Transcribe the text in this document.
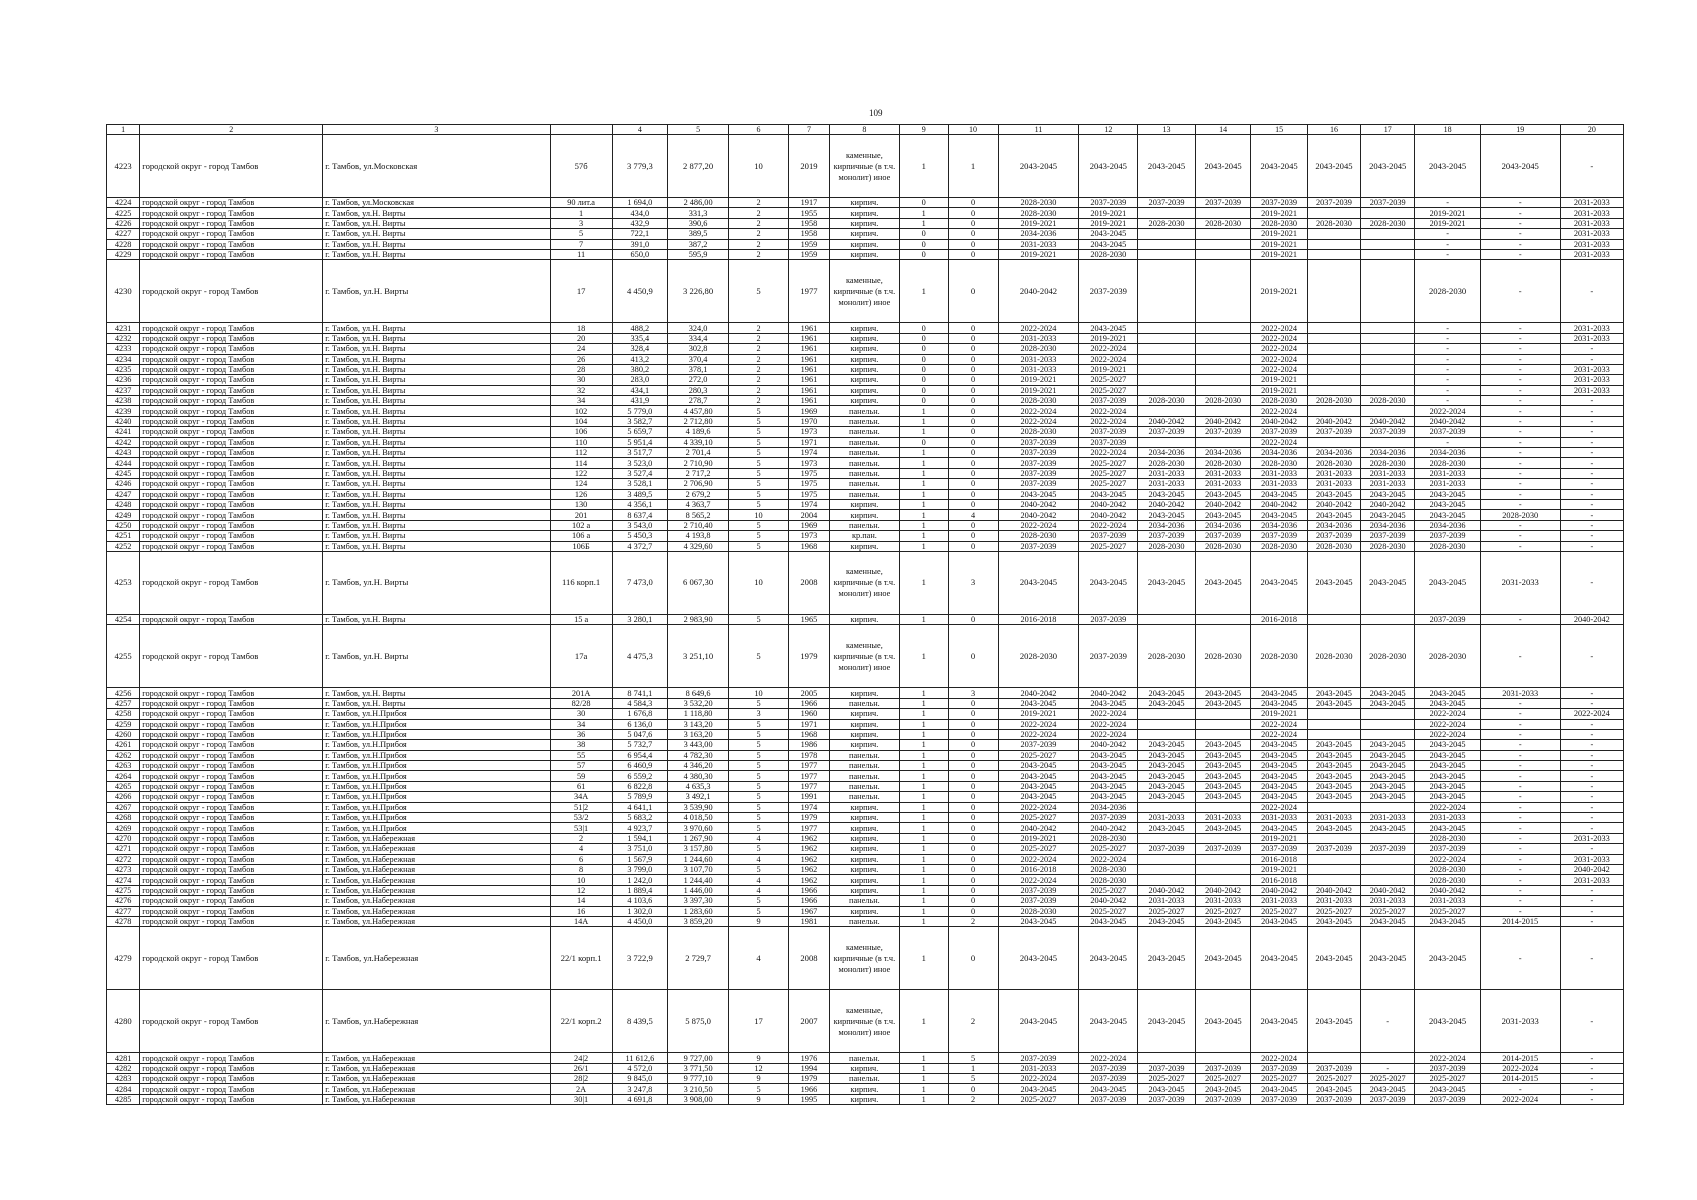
109
1	2	3		4	5	6	7	8	9	10	11	12	13	14	15	16	17	18	19	20
4223	городской округ - город Тамбов	г. Тамбов, ул.Московская	57б	3 779,3	2 877,20	10	2019	каменные, кирпичные (в т.ч. монолит) иное	1	1	2043-2045	2043-2045	2043-2045	2043-2045	2043-2045	2043-2045	2043-2045	2043-2045	2043-2045	-
4224	городской округ - город Тамбов	г. Тамбов, ул.Московская	90 лит.а	1 694,0	2 486,00	2	1917	кирпич.	0	0	2028-2030	2037-2039	2037-2039	2037-2039	2037-2039	2037-2039	2037-2039	-	-	2031-2033
4225	городской округ - город Тамбов	г. Тамбов, ул.Н. Вирты	1	434,0	331,3	2	1955	кирпич.	1	0	2028-2030	2019-2021			2019-2021			2019-2021	-	2031-2033
4226	городской округ - город Тамбов	г. Тамбов, ул.Н. Вирты	3	432,9	390,6	2	1958	кирпич.	1	0	2019-2021	2019-2021	2028-2030	2028-2030	2028-2030	2028-2030	2028-2030	2019-2021	-	2031-2033
4227	городской округ - город Тамбов	г. Тамбов, ул.Н. Вирты	5	722,1	389,5	2	1958	кирпич.	0	0	2034-2036	2043-2045			2019-2021			-	-	2031-2033
4228	городской округ - город Тамбов	г. Тамбов, ул.Н. Вирты	7	391,0	387,2	2	1959	кирпич.	0	0	2031-2033	2043-2045			2019-2021			-	-	2031-2033
4229	городской округ - город Тамбов	г. Тамбов, ул.Н. Вирты	11	650,0	595,9	2	1959	кирпич.	0	0	2019-2021	2028-2030			2019-2021			-	-	2031-2033
4230	городской округ - город Тамбов	г. Тамбов, ул.Н. Вирты	17	4 450,9	3 226,80	5	1977	каменные, кирпичные (в т.ч. монолит) иное	1	0	2040-2042	2037-2039			2019-2021			2028-2030	-	-
4231	городской округ - город Тамбов	г. Тамбов, ул.Н. Вирты	18	488,2	324,0	2	1961	кирпич.	0	0	2022-2024	2043-2045			2022-2024			-	-	2031-2033
4232	городской округ - город Тамбов	г. Тамбов, ул.Н. Вирты	20	335,4	334,4	2	1961	кирпич.	0	0	2031-2033	2019-2021			2022-2024			-	-	2031-2033
4233	городской округ - город Тамбов	г. Тамбов, ул.Н. Вирты	24	328,4	302,8	2	1961	кирпич.	0	0	2028-2030	2022-2024			2022-2024			-	-	-
4234	городской округ - город Тамбов	г. Тамбов, ул.Н. Вирты	26	413,2	370,4	2	1961	кирпич.	0	0	2031-2033	2022-2024			2022-2024			-	-	-
4235	городской округ - город Тамбов	г. Тамбов, ул.Н. Вирты	28	380,2	378,1	2	1961	кирпич.	0	0	2031-2033	2019-2021			2022-2024			-	-	2031-2033
4236	городской округ - город Тамбов	г. Тамбов, ул.Н. Вирты	30	283,0	272,0	2	1961	кирпич.	0	0	2019-2021	2025-2027			2019-2021			-	-	2031-2033
4237	городской округ - город Тамбов	г. Тамбов, ул.Н. Вирты	32	434,1	280,3	2	1961	кирпич.	0	0	2019-2021	2025-2027			2019-2021			-	-	2031-2033
4238	городской округ - город Тамбов	г. Тамбов, ул.Н. Вирты	34	431,9	278,7	2	1961	кирпич.	0	0	2028-2030	2037-2039	2028-2030	2028-2030	2028-2030	2028-2030	2028-2030	-	-	-
4239	городской округ - город Тамбов	г. Тамбов, ул.Н. Вирты	102	5 779,0	4 457,80	5	1969	панельн.	1	0	2022-2024	2022-2024			2022-2024			2022-2024	-	-
4240	городской округ - город Тамбов	г. Тамбов, ул.Н. Вирты	104	3 582,7	2 712,80	5	1970	панельн.	1	0	2022-2024	2022-2024	2040-2042	2040-2042	2040-2042	2040-2042	2040-2042	2040-2042	-	-
4241	городской округ - город Тамбов	г. Тамбов, ул.Н. Вирты	106	5 659,7	4 189,6	5	1973	панельн.	1	0	2028-2030	2037-2039	2037-2039	2037-2039	2037-2039	2037-2039	2037-2039	2037-2039	-	-
4242	городской округ - город Тамбов	г. Тамбов, ул.Н. Вирты	110	5 951,4	4 339,10	5	1971	панельн.	0	0	2037-2039	2037-2039			2022-2024			-	-	-
4243	городской округ - город Тамбов	г. Тамбов, ул.Н. Вирты	112	3 517,7	2 701,4	5	1974	панельн.	1	0	2037-2039	2022-2024	2034-2036	2034-2036	2034-2036	2034-2036	2034-2036	2034-2036	-	-
4244	городской округ - город Тамбов	г. Тамбов, ул.Н. Вирты	114	3 523,0	2 710,90	5	1973	панельн.	1	0	2037-2039	2025-2027	2028-2030	2028-2030	2028-2030	2028-2030	2028-2030	2028-2030	-	-
4245	городской округ - город Тамбов	г. Тамбов, ул.Н. Вирты	122	3 527,4	2 717,2	5	1975	панельн.	1	0	2037-2039	2025-2027	2031-2033	2031-2033	2031-2033	2031-2033	2031-2033	2031-2033	-	-
4246	городской округ - город Тамбов	г. Тамбов, ул.Н. Вирты	124	3 528,1	2 706,90	5	1975	панельн.	1	0	2037-2039	2025-2027	2031-2033	2031-2033	2031-2033	2031-2033	2031-2033	2031-2033	-	-
4247	городской округ - город Тамбов	г. Тамбов, ул.Н. Вирты	126	3 489,5	2 679,2	5	1975	панельн.	1	0	2043-2045	2043-2045	2043-2045	2043-2045	2043-2045	2043-2045	2043-2045	2043-2045	-	-
4248	городской округ - город Тамбов	г. Тамбов, ул.Н. Вирты	130	4 356,1	4 363,7	5	1974	кирпич.	1	0	2040-2042	2040-2042	2040-2042	2040-2042	2040-2042	2040-2042	2040-2042	2043-2045	-	-
4249	городской округ - город Тамбов	г. Тамбов, ул.Н. Вирты	201	8 637,4	8 565,2	10	2004	кирпич.	1	4	2040-2042	2040-2042	2043-2045	2043-2045	2043-2045	2043-2045	2043-2045	2043-2045	2028-2030	-
4250	городской округ - город Тамбов	г. Тамбов, ул.Н. Вирты	102 а	3 543,0	2 710,40	5	1969	панельн.	1	0	2022-2024	2022-2024	2034-2036	2034-2036	2034-2036	2034-2036	2034-2036	2034-2036	-	-
4251	городской округ - город Тамбов	г. Тамбов, ул.Н. Вирты	106 а	5 450,3	4 193,8	5	1973	кр.пан.	1	0	2028-2030	2037-2039	2037-2039	2037-2039	2037-2039	2037-2039	2037-2039	2037-2039	-	-
4252	городской округ - город Тамбов	г. Тамбов, ул.Н. Вирты	106Б	4 372,7	4 329,60	5	1968	кирпич.	1	0	2037-2039	2025-2027	2028-2030	2028-2030	2028-2030	2028-2030	2028-2030	2028-2030	-	-
4253	городской округ - город Тамбов	г. Тамбов, ул.Н. Вирты	116 корп.1	7 473,0	6 067,30	10	2008	каменные, кирпичные (в т.ч. монолит) иное	1	3	2043-2045	2043-2045	2043-2045	2043-2045	2043-2045	2043-2045	2043-2045	2043-2045	2031-2033	-
4254	городской округ - город Тамбов	г. Тамбов, ул.Н. Вирты	15 а	3 280,1	2 983,90	5	1965	кирпич.	1	0	2016-2018	2037-2039			2016-2018			2037-2039	-	2040-2042
4255	городской округ - город Тамбов	г. Тамбов, ул.Н. Вирты	17а	4 475,3	3 251,10	5	1979	каменные, кирпичные (в т.ч. монолит) иное	1	0	2028-2030	2037-2039	2028-2030	2028-2030	2028-2030	2028-2030	2028-2030	2028-2030	-	-
4256	городской округ - город Тамбов	г. Тамбов, ул.Н. Вирты	201А	8 741,1	8 649,6	10	2005	кирпич.	1	3	2040-2042	2040-2042	2043-2045	2043-2045	2043-2045	2043-2045	2043-2045	2043-2045	2031-2033	-
4257	городской округ - город Тамбов	г. Тамбов, ул.Н. Вирты	82/28	4 584,3	3 532,20	5	1966	панельн.	1	0	2043-2045	2043-2045	2043-2045	2043-2045	2043-2045	2043-2045	2043-2045	2043-2045	-	-
4258	городской округ - город Тамбов	г. Тамбов, ул.Н.Прибоя	30	1 676,8	1 118,80	3	1960	кирпич.	1	0	2019-2021	2022-2024			2019-2021			2022-2024	-	2022-2024
4259	городской округ - город Тамбов	г. Тамбов, ул.Н.Прибоя	34	6 136,0	3 143,20	5	1971	кирпич.	1	0	2022-2024	2022-2024			2022-2024			2022-2024	-	-
4260	городской округ - город Тамбов	г. Тамбов, ул.Н.Прибоя	36	5 047,6	3 163,20	5	1968	кирпич.	1	0	2022-2024	2022-2024			2022-2024			2022-2024	-	-
4261	городской округ - город Тамбов	г. Тамбов, ул.Н.Прибоя	38	5 732,7	3 443,00	5	1986	кирпич.	1	0	2037-2039	2040-2042	2043-2045	2043-2045	2043-2045	2043-2045	2043-2045	2043-2045	-	-
4262	городской округ - город Тамбов	г. Тамбов, ул.Н.Прибоя	55	6 954,4	4 782,30	5	1978	панельн.	1	0	2025-2027	2043-2045	2043-2045	2043-2045	2043-2045	2043-2045	2043-2045	2043-2045	-	-
4263	городской округ - город Тамбов	г. Тамбов, ул.Н.Прибоя	57	6 460,9	4 346,20	5	1977	панельн.	1	0	2043-2045	2043-2045	2043-2045	2043-2045	2043-2045	2043-2045	2043-2045	2043-2045	-	-
4264	городской округ - город Тамбов	г. Тамбов, ул.Н.Прибоя	59	6 559,2	4 380,30	5	1977	панельн.	1	0	2043-2045	2043-2045	2043-2045	2043-2045	2043-2045	2043-2045	2043-2045	2043-2045	-	-
4265	городской округ - город Тамбов	г. Тамбов, ул.Н.Прибоя	61	6 822,8	4 635,3	5	1977	панельн.	1	0	2043-2045	2043-2045	2043-2045	2043-2045	2043-2045	2043-2045	2043-2045	2043-2045	-	-
4266	городской округ - город Тамбов	г. Тамбов, ул.Н.Прибоя	34А	5 789,9	3 492,1	5	1991	панельн.	1	0	2043-2045	2043-2045	2043-2045	2043-2045	2043-2045	2043-2045	2043-2045	2043-2045	-	-
4267	городской округ - город Тамбов	г. Тамбов, ул.Н.Прибоя	51|2	4 641,1	3 539,90	5	1974	кирпич.	1	0	2022-2024	2034-2036			2022-2024			2022-2024	-	-
4268	городской округ - город Тамбов	г. Тамбов, ул.Н.Прибоя	53/2	5 683,2	4 018,50	5	1979	кирпич.	1	0	2025-2027	2037-2039	2031-2033	2031-2033	2031-2033	2031-2033	2031-2033	2031-2033	-	-
4269	городской округ - город Тамбов	г. Тамбов, ул.Н.Прибоя	53|1	4 923,7	3 970,60	5	1977	кирпич.	1	0	2040-2042	2040-2042	2043-2045	2043-2045	2043-2045	2043-2045	2043-2045	2043-2045	-	-
4270	городской округ - город Тамбов	г. Тамбов, ул.Набережная	2	1 594,1	1 267,90	4	1962	кирпич.	1	0	2019-2021	2028-2030			2019-2021			2028-2030	-	2031-2033
4271	городской округ - город Тамбов	г. Тамбов, ул.Набережная	4	3 751,0	3 157,80	5	1962	кирпич.	1	0	2025-2027	2025-2027	2037-2039	2037-2039	2037-2039	2037-2039	2037-2039	2037-2039	-	-
4272	городской округ - город Тамбов	г. Тамбов, ул.Набережная	6	1 567,9	1 244,60	4	1962	кирпич.	1	0	2022-2024	2022-2024			2016-2018			2022-2024	-	2031-2033
4273	городской округ - город Тамбов	г. Тамбов, ул.Набережная	8	3 799,0	3 107,70	5	1962	кирпич.	1	0	2016-2018	2028-2030			2019-2021			2028-2030	-	2040-2042
4274	городской округ - город Тамбов	г. Тамбов, ул.Набережная	10	1 242,0	1 244,40	4	1962	кирпич.	1	0	2022-2024	2028-2030			2016-2018			2028-2030	-	2031-2033
4275	городской округ - город Тамбов	г. Тамбов, ул.Набережная	12	1 889,4	1 446,00	4	1966	кирпич.	1	0	2037-2039	2025-2027	2040-2042	2040-2042	2040-2042	2040-2042	2040-2042	2040-2042	-	-
4276	городской округ - город Тамбов	г. Тамбов, ул.Набережная	14	4 103,6	3 397,30	5	1966	панельн.	1	0	2037-2039	2040-2042	2031-2033	2031-2033	2031-2033	2031-2033	2031-2033	2031-2033	-	-
4277	городской округ - город Тамбов	г. Тамбов, ул.Набережная	16	1 302,0	1 283,60	5	1967	кирпич.	1	0	2028-2030	2025-2027	2025-2027	2025-2027	2025-2027	2025-2027	2025-2027	2025-2027	-	-
4278	городской округ - город Тамбов	г. Тамбов, ул.Набережная	14А	4 450,0	3 859,20	9	1981	панельн.	1	2	2043-2045	2043-2045	2043-2045	2043-2045	2043-2045	2043-2045	2043-2045	2043-2045	2014-2015	-
4279	городской округ - город Тамбов	г. Тамбов, ул.Набережная	22/1 корп.1	3 722,9	2 729,7	4	2008	каменные, кирпичные (в т.ч. монолит) иное	1	0	2043-2045	2043-2045	2043-2045	2043-2045	2043-2045	2043-2045	2043-2045	2043-2045	-	-
4280	городской округ - город Тамбов	г. Тамбов, ул.Набережная	22/1 корп.2	8 439,5	5 875,0	17	2007	каменные, кирпичные (в т.ч. монолит) иное	1	2	2043-2045	2043-2045	2043-2045	2043-2045	2043-2045	2043-2045	-	2043-2045	2031-2033	-
4281	городской округ - город Тамбов	г. Тамбов, ул.Набережная	24|2	11 612,6	9 727,00	9	1976	панельн.	1	5	2037-2039	2022-2024			2022-2024			2022-2024	2014-2015	-
4282	городской округ - город Тамбов	г. Тамбов, ул.Набережная	26/1	4 572,0	3 771,50	12	1994	кирпич.	1	1	2031-2033	2037-2039	2037-2039	2037-2039	2037-2039	2037-2039	-	2037-2039	2022-2024	-
4283	городской округ - город Тамбов	г. Тамбов, ул.Набережная	28|2	9 845,0	9 777,10	9	1979	панельн.	1	5	2022-2024	2037-2039	2025-2027	2025-2027	2025-2027	2025-2027	2025-2027	2025-2027	2014-2015	-
4284	городской округ - город Тамбов	г. Тамбов, ул.Набережная	2А	3 247,8	3 210,50	5	1966	кирпич.	1	0	2043-2045	2043-2045	2043-2045	2043-2045	2043-2045	2043-2045	2043-2045	2043-2045	-	-
4285	городской округ - город Тамбов	г. Тамбов, ул.Набережная	30|1	4 691,8	3 908,00	9	1995	кирпич.	1	2	2025-2027	2037-2039	2037-2039	2037-2039	2037-2039	2037-2039	2037-2039	2037-2039	2022-2024	-
